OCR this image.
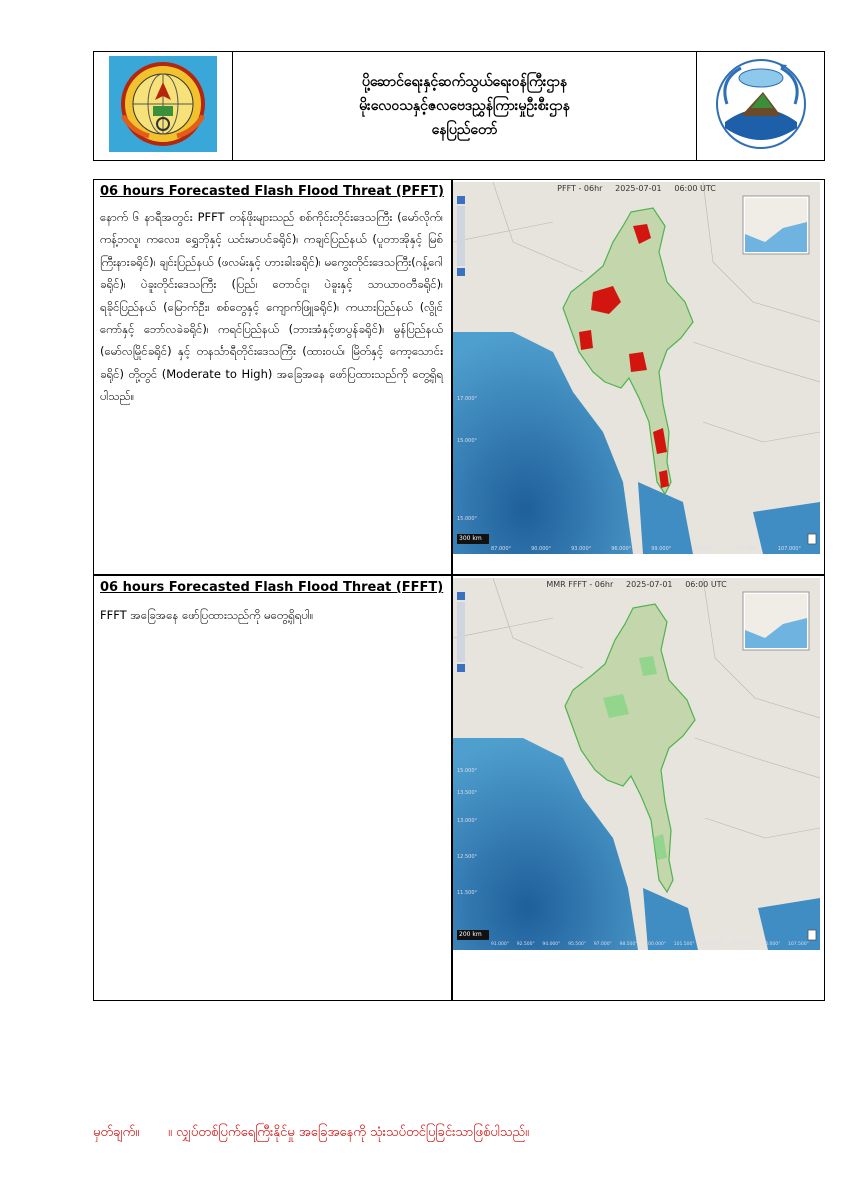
ပို့ဆောင်ရေးနှင့်ဆက်သွယ်ရေး၀န်ကြီးဌာန
မိုးလေဝသနှင့်ဇလဗေဒညွှန်ကြားမှုဦးစီးဌာန
နေပြည်တော်

06 hours Forecasted Flash Flood Threat (PFFT)
နောက် ၆ နာရီအတွင်း PFFT တန်ဖိုးများသည် စစ်ကိုင်းတိုင်းဒေသကြီး (မော်လိုက်၊ ကန့်ဘလူ၊ ကလေး၊ ရွှေဘိုနှင့် ယင်းမာပင်ခရိုင်)၊ ကချင်ပြည်နယ် (ပူတာအိုနှင့် မြစ်ကြီးနားခရိုင်)၊ ချင်းပြည်နယ် (ဖလမ်းနှင့် ဟားခါးခရိုင်)၊ မကွေးတိုင်းဒေသကြီး(ဂန့်ဂေါခရိုင်)၊ ပဲခူးတိုင်းဒေသကြီး (ပြည်၊ တောင်ငူ၊ ပဲခူးနှင့် သာယာဝတီခရိုင်)၊ ရခိုင်ပြည်နယ် (မြောက်ဦး၊ စစ်တွေနှင့် ကျောက်ဖြူခရိုင်)၊ ကယားပြည်နယ် (လွိုင်ကော်နှင့် ဘော်လခဲခရိုင်)၊ ကရင်ပြည်နယ် (ဘားအံနှင့်ဖာပွန်ခရိုင်)၊ မွန်ပြည်နယ် (မော်လမြိုင်ခရိုင်) နှင့် တနင်္သာရီတိုင်းဒေသကြီး (ထားဝယ်၊ မြိတ်နှင့် ကော့သောင်းခရိုင်) တို့တွင် (Moderate to High) အခြေအနေ ဖော်ပြထားသည်ကို တွေ့ရှိရပါသည်။
PFFT - 06hr 2025-07-01 06:00 UTC
300 km
17.000°
15.000°
15.000°
87.000°	90.000°	93.000°	96.000°	99.000°	102.000°	104.000°	107.000°
06 hours Forecasted Flash Flood Threat (FFFT)
FFFT အခြေအနေ ဖော်ပြထားသည်ကို မတွေ့ရှိရပါ။
MMR FFFT - 06hr 2025-07-01 06:00 UTC
200 km
15.000°
13.500°
13.000°
12.500°
11.500°
91.000° 92.500° 94.000° 95.500° 97.000° 98.500° 100.000° 101.500° 103.000° 104.500° 106.000° 107.500°
မှတ်ချက်။ ။ လျှပ်တစ်ပြက်ရေကြီးနိုင်မှု အခြေအနေကို သုံးသပ်တင်ပြခြင်းသာဖြစ်ပါသည်။
